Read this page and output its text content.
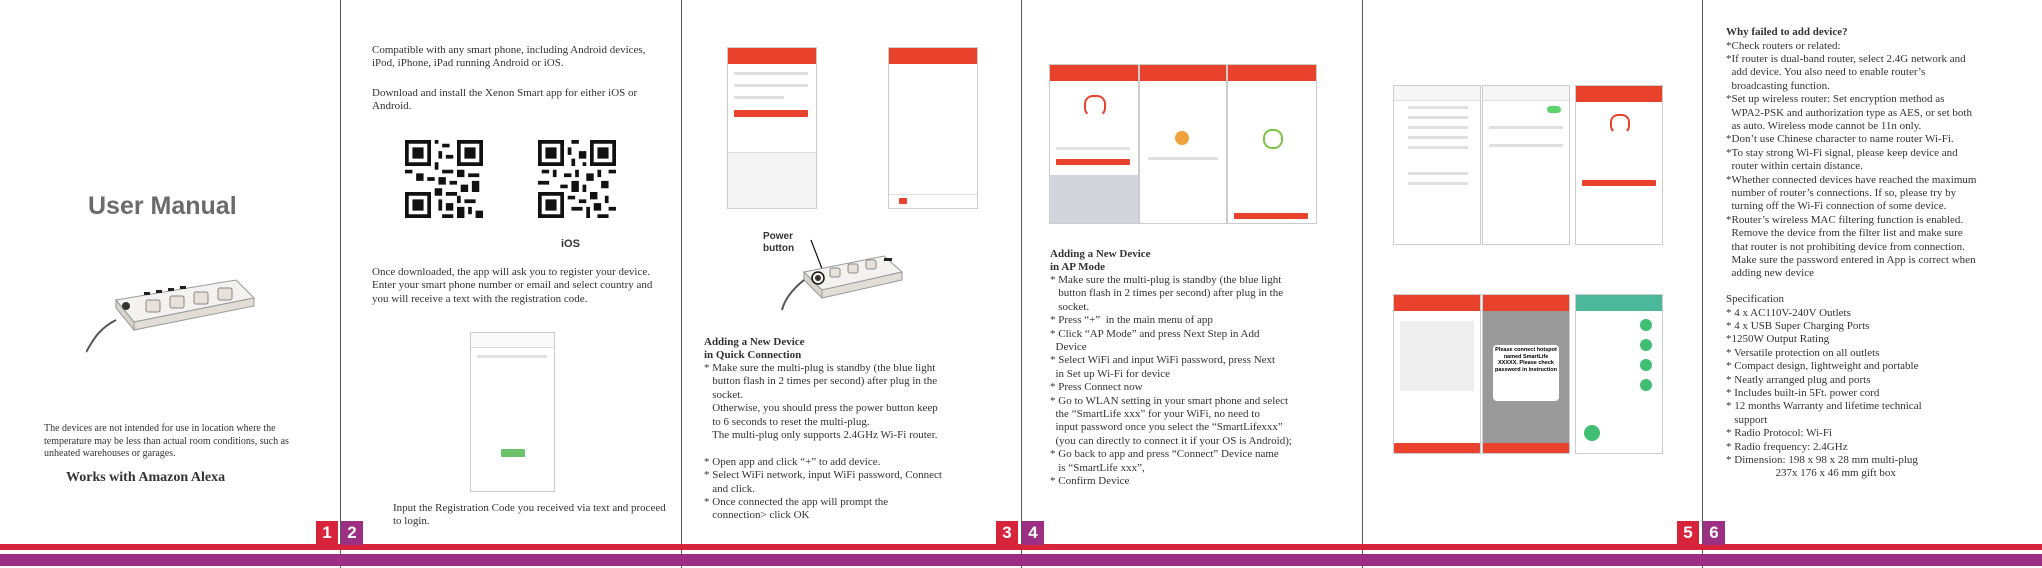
1 2	3 4	5 6
User Manual
The devices are not intended for use in location where the temperature may be less than actual room conditions, such as unheated warehouses or garages.
Works with Amazon Alexa
Compatible with any smart phone, including Android devices, iPod, iPhone, iPad running Android or iOS.
Download and install the Xenon Smart app for either iOS or Android.
iOS
Once downloaded, the app will ask you to register your device. Enter your smart phone number or email and select country and you will receive a text with the registration code.
Input the Registration Code you received via text and proceed to login.
Power
button
Adding a New Device
in Quick Connection
* Make sure the multi-plug is standby (the blue light
button flash in 2 times per second) after plug in the
socket.
Otherwise, you should press the power button keep
to 6 seconds to reset the multi-plug.
The multi-plug only supports 2.4GHz Wi-Fi router.
* Open app and click “+” to add device.
* Select WiFi network, input WiFi password, Connect
and click.
* Once connected the app will prompt the
connection> click OK
Adding a New Device
in AP Mode
* Make sure the multi-plug is standby (the blue light
button flash in 2 times per second) after plug in the
socket.
* Press “+”  in the main menu of app
* Click “AP Mode” and press Next Step in Add
Device
* Select WiFi and input WiFi password, press Next
in Set up Wi-Fi for device
* Press Connect now
* Go to WLAN setting in your smart phone and select
the “SmartLife xxx” for your WiFi, no need to
input password once you select the “SmartLifexxx”
(you can directly to connect it if your OS is Android);
* Go back to app and press “Connect” Device name
is “SmartLife xxx”,
* Confirm Device
Please connect hotspot named SmartLife XXXXX. Please check password in instruction
Why failed to add device?
*Check routers or related:
*If router is dual-band router, select 2.4G network and
add device. You also need to enable router’s
broadcasting function.
*Set up wireless router: Set encryption method as
WPA2-PSK and authorization type as AES, or set both
as auto. Wireless mode cannot be 11n only.
*Don’t use Chinese character to name router Wi-Fi.
*To stay strong Wi-Fi signal, please keep device and
router within certain distance.
*Whether connected devices have reached the maximum
number of router’s connections. If so, please try by
turning off the Wi-Fi connection of some device.
*Router’s wireless MAC filtering function is enabled.
Remove the device from the filter list and make sure
that router is not prohibiting device from connection.
Make sure the password entered in App is correct when
adding new device
Specification
* 4 x AC110V-240V Outlets
* 4 x USB Super Charging Ports
*1250W Output Rating
* Versatile protection on all outlets
* Compact design, lightweight and portable
* Neatly arranged plug and ports
* Includes built-in 5Ft. power cord
* 12 months Warranty and lifetime technical
support
* Radio Protocol: Wi-Fi
* Radio frequency: 2.4GHz
* Dimension: 198 x 98 x 28 mm multi-plug
237x 176 x 46 mm gift box
